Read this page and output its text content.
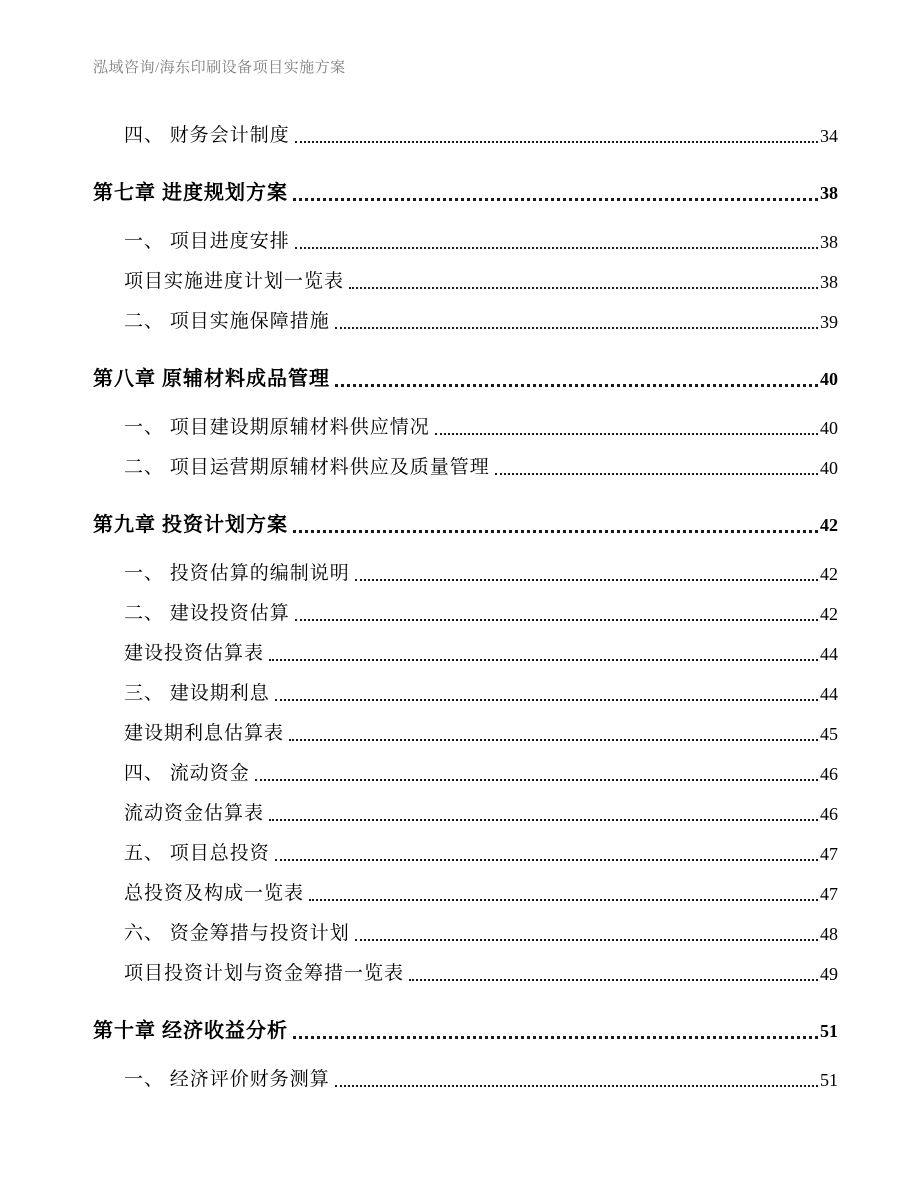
泓域咨询/海东印刷设备项目实施方案
四、 财务会计制度	34
第七章 进度规划方案	38
一、 项目进度安排	38
项目实施进度计划一览表	38
二、 项目实施保障措施	39
第八章 原辅材料成品管理	40
一、 项目建设期原辅材料供应情况	40
二、 项目运营期原辅材料供应及质量管理	40
第九章 投资计划方案	42
一、 投资估算的编制说明	42
二、 建设投资估算	42
建设投资估算表	44
三、 建设期利息	44
建设期利息估算表	45
四、 流动资金	46
流动资金估算表	46
五、 项目总投资	47
总投资及构成一览表	47
六、 资金筹措与投资计划	48
项目投资计划与资金筹措一览表	49
第十章 经济收益分析	51
一、 经济评价财务测算	51
